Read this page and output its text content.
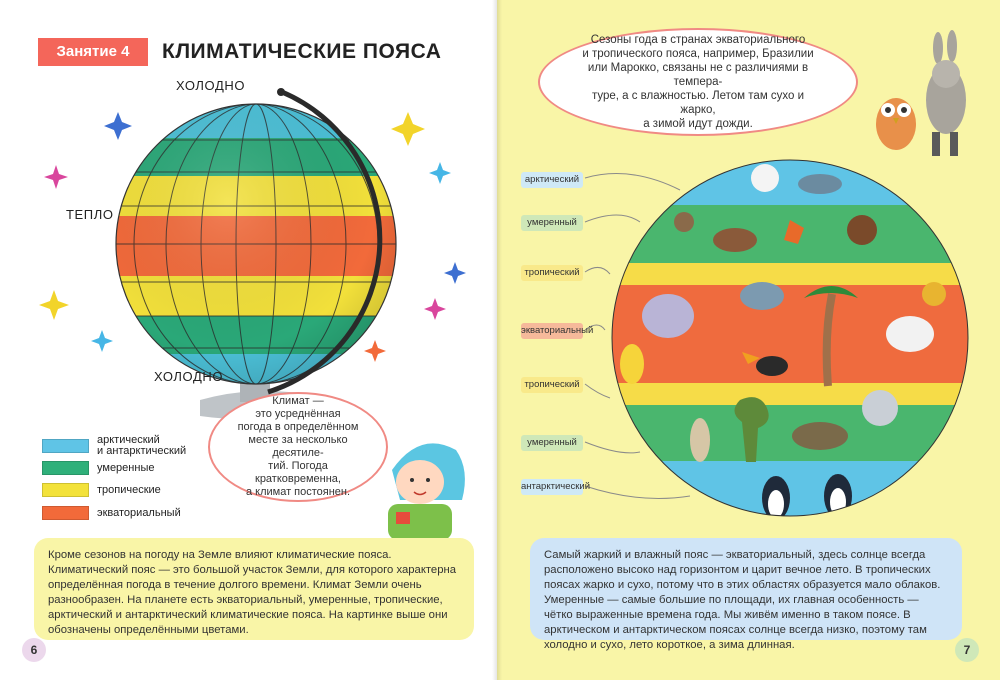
Занятие 4	КЛИМАТИЧЕСКИЕ ПОЯСА
ХОЛОДНО
ТЕПЛО
ХОЛОДНО
арктический
и антарктический
умеренные
тропические
экваториальный
Климат —
это усреднённая
погода в определённом
месте за несколько десятиле-
тий. Погода кратковременна,
а климат постоянен.
Кроме сезонов на погоду на Земле влияют климатические пояса. Климатический пояс — это большой участок Земли, для которого характерна определённая погода в течение долгого времени. Климат Земли очень разнообразен. На планете есть экваториальный, умеренные, тропические, арктический и антарктический климатические пояса. На картинке выше они обозначены определёнными цветами.
6
Сезоны года в странах экваториального
и тропического пояса, например, Бразилии
или Марокко, связаны не с различиями в темпера-
туре, а с влажностью. Летом там сухо и жарко,
а зимой идут дожди.
арктический
умеренный
тропический
экваториальный
тропический
умеренный
антарктический
Самый жаркий и влажный пояс — экваториальный, здесь солнце всегда расположено высоко над горизонтом и царит вечное лето. В тропических поясах жарко и сухо, потому что в этих областях образуется мало облаков. Умеренные — самые большие по площади, их главная особенность — чётко выраженные времена года. Мы живём именно в таком поясе. В арктическом и антарктическом поясах солнце всегда низко, поэтому там холодно и сухо, лето короткое, а зима длинная.	7
